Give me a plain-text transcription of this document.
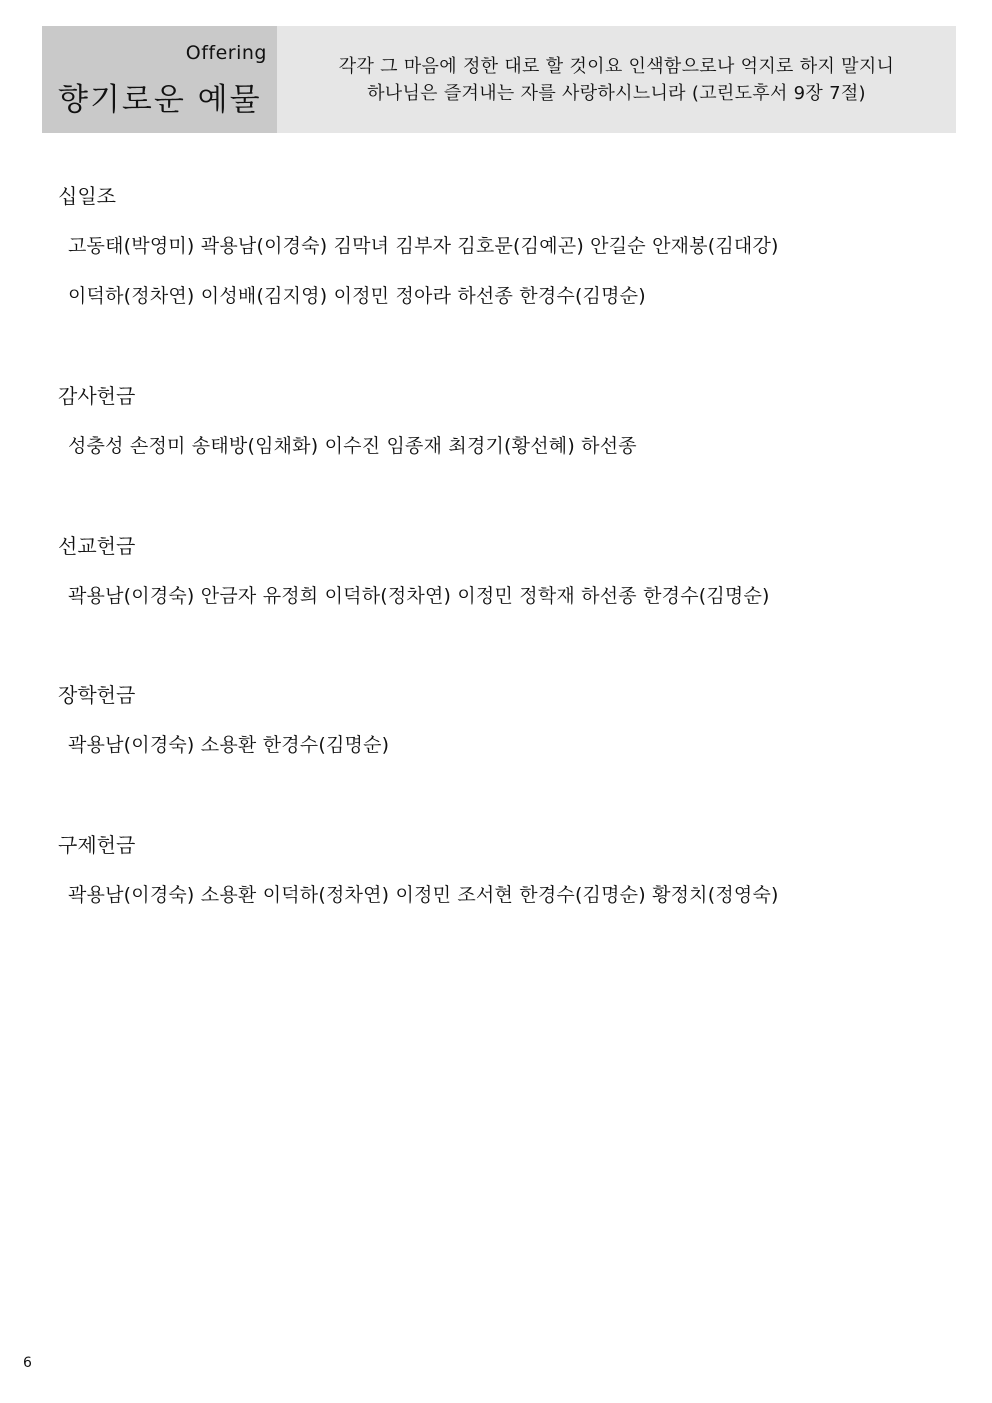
Offering
향기로운 예물
각각 그 마음에 정한 대로 할 것이요 인색함으로나 억지로 하지 말지니
하나님은 즐겨내는 자를 사랑하시느니라 (고린도후서 9장 7절)
십일조
고동태(박영미) 곽용남(이경숙) 김막녀 김부자 김호문(김예곤) 안길순 안재봉(김대강)
이덕하(정차연) 이성배(김지영) 이정민 정아라 하선종 한경수(김명순)
감사헌금
성충성 손정미 송태방(임채화) 이수진 임종재 최경기(황선혜) 하선종
선교헌금
곽용남(이경숙) 안금자 유정희 이덕하(정차연) 이정민 정학재 하선종 한경수(김명순)
장학헌금
곽용남(이경숙) 소용환 한경수(김명순)
구제헌금
곽용남(이경숙) 소용환 이덕하(정차연) 이정민 조서현 한경수(김명순) 황정치(정영숙)
6
